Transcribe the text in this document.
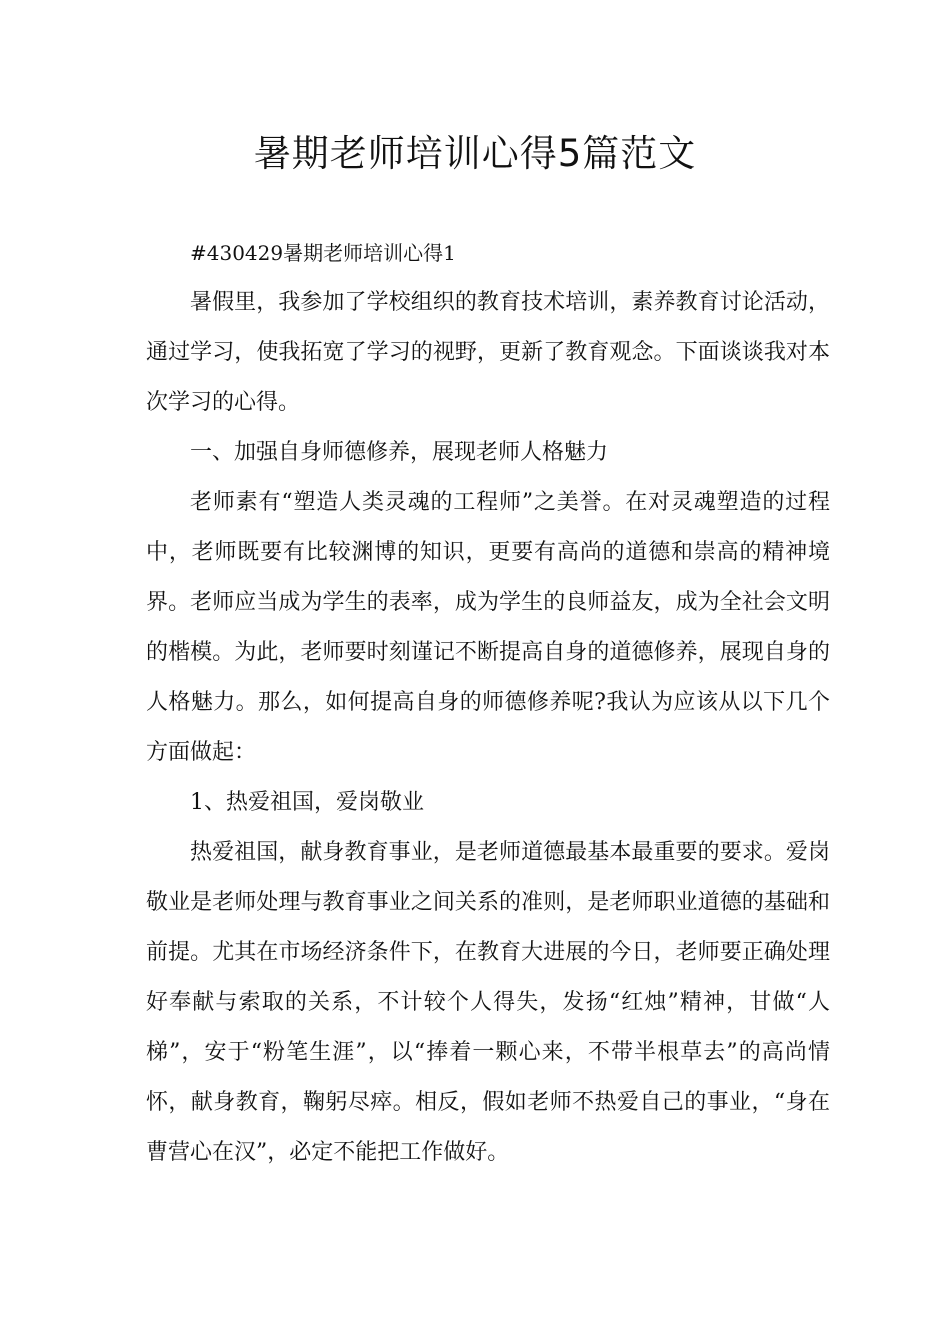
暑期老师培训心得5篇范文

#430429暑期老师培训心得1

暑假里，我参加了学校组织的教育技术培训，素养教育讨论活动，通过学习，使我拓宽了学习的视野，更新了教育观念。下面谈谈我对本次学习的心得。

一、加强自身师德修养，展现老师人格魅力

老师素有“塑造人类灵魂的工程师”之美誉。在对灵魂塑造的过程中，老师既要有比较渊博的知识，更要有高尚的道德和崇高的精神境界。老师应当成为学生的表率，成为学生的良师益友，成为全社会文明的楷模。为此，老师要时刻谨记不断提高自身的道德修养，展现自身的人格魅力。那么，如何提高自身的师德修养呢?我认为应该从以下几个方面做起：

1、热爱祖国，爱岗敬业

热爱祖国，献身教育事业，是老师道德最基本最重要的要求。爱岗敬业是老师处理与教育事业之间关系的准则，是老师职业道德的基础和前提。尤其在市场经济条件下，在教育大进展的今日，老师要正确处理好奉献与索取的关系，不计较个人得失，发扬“红烛”精神，甘做“人梯”，安于“粉笔生涯”，以“捧着一颗心来，不带半根草去”的高尚情怀，献身教育，鞠躬尽瘁。相反，假如老师不热爱自己的事业，“身在曹营心在汉”，必定不能把工作做好。
